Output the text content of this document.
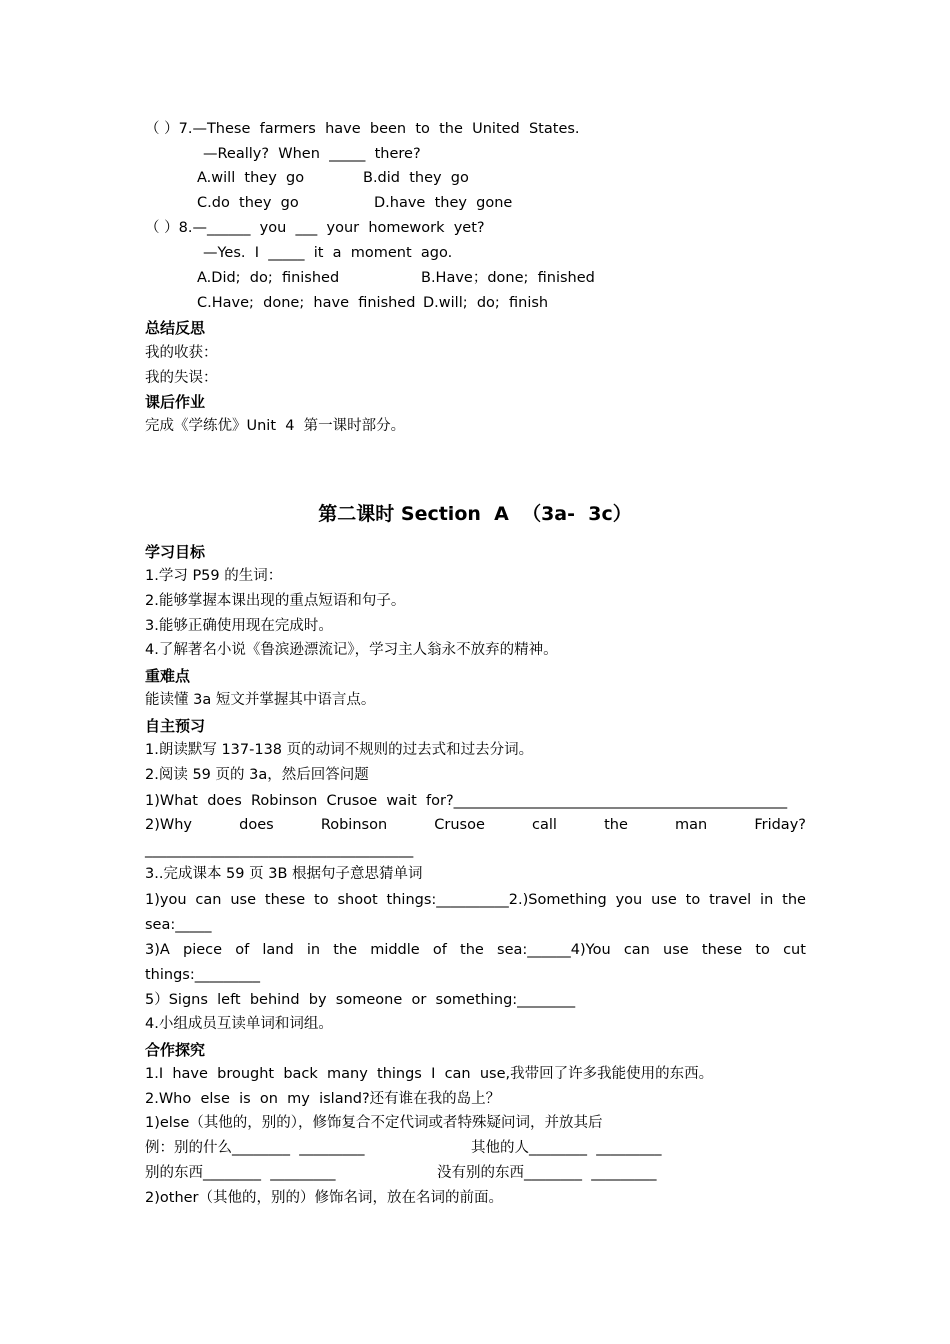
（ ）7.—These  farmers  have  been  to  the  United  States.
—Really?  When  _____  there?
A.will  they  go	B.did  they  go
C.do  they  go	D.have  they  gone
（ ）8.—______  you  ___  your  homework  yet?
—Yes.  I  _____  it  a  moment  ago.
A.Did;  do;  finished	B.Have；done;  finished
C.Have;  done;  have  finished D.will;  do;  finish
总结反思
我的收获：
我的失误：
课后作业
完成《学练优》Unit  4  第一课时部分。
第二课时 Section  A  （3a-  3c）
学习目标
1.学习 P59 的生词：
2.能够掌握本课出现的重点短语和句子。
3.能够正确使用现在完成时。
4.了解著名小说《鲁滨逊漂流记》，学习主人翁永不放弃的精神。
重难点
能读懂 3a 短文并掌握其中语言点。
自主预习
1.朗读默写 137-138 页的动词不规则的过去式和过去分词。
2.阅读 59 页的 3a，然后回答问题
1)What  does  Robinson  Crusoe  wait  for?______________________________________________
2)Why	does	Robinson	Crusoe	call	the	man	Friday?
_____________________________________
3..完成课本 59 页 3B 根据句子意思猜单词
1)you can use these to shoot things:__________2.)Something you use to travel in the
sea:_____
3)A piece of land in the middle of the sea:______4)You can use these to cut
things:_________
5）Signs  left  behind  by  someone  or  something:________
4.小组成员互读单词和词组。
合作探究
1.I  have  brought  back  many  things  I  can  use,我带回了许多我能使用的东西。
2.Who  else  is  on  my  island?还有谁在我的岛上？
1)else（其他的，别的），修饰复合不定代词或者特殊疑问词，并放其后
例：别的什么________  _________	其他的人________  _________
别的东西________  _________	没有别的东西________  _________
2)other（其他的，别的）修饰名词，放在名词的前面。
